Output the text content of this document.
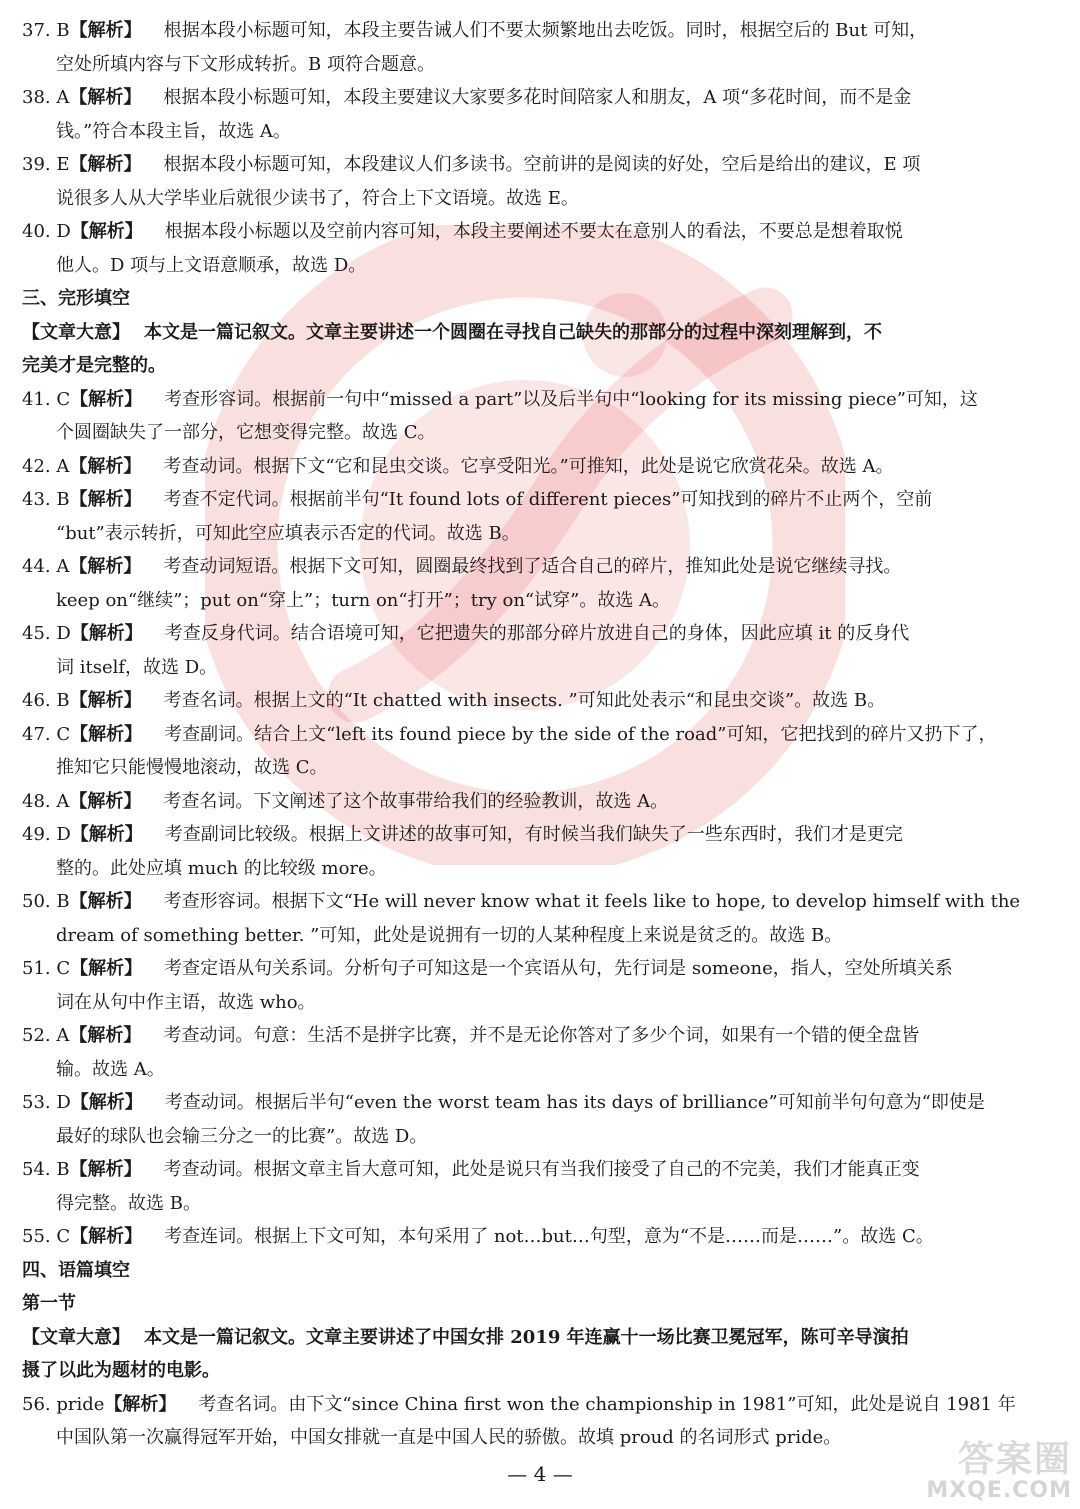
37. B【解析】 根据本段小标题可知，本段主要告诫人们不要太频繁地出去吃饭。同时，根据空后的 But 可知，
空处所填内容与下文形成转折。B 项符合题意。
38. A【解析】 根据本段小标题可知，本段主要建议大家要多花时间陪家人和朋友，A 项“多花时间，而不是金
钱。”符合本段主旨，故选 A。
39. E【解析】 根据本段小标题可知，本段建议人们多读书。空前讲的是阅读的好处，空后是给出的建议，E 项
说很多人从大学毕业后就很少读书了，符合上下文语境。故选 E。
40. D【解析】 根据本段小标题以及空前内容可知，本段主要阐述不要太在意别人的看法，不要总是想着取悦
他人。D 项与上文语意顺承，故选 D。
三、完形填空
【文章大意】 本文是一篇记叙文。文章主要讲述一个圆圈在寻找自己缺失的那部分的过程中深刻理解到，不
完美才是完整的。
41. C【解析】 考查形容词。根据前一句中“missed a part”以及后半句中“looking for its missing piece”可知，这
个圆圈缺失了一部分，它想变得完整。故选 C。
42. A【解析】 考查动词。根据下文“它和昆虫交谈。它享受阳光。”可推知，此处是说它欣赏花朵。故选 A。
43. B【解析】 考查不定代词。根据前半句“It found lots of different pieces”可知找到的碎片不止两个，空前
“but”表示转折，可知此空应填表示否定的代词。故选 B。
44. A【解析】 考查动词短语。根据下文可知，圆圈最终找到了适合自己的碎片，推知此处是说它继续寻找。
keep on“继续”；put on“穿上”；turn on“打开”；try on“试穿”。故选 A。
45. D【解析】 考查反身代词。结合语境可知，它把遗失的那部分碎片放进自己的身体，因此应填 it 的反身代
词 itself，故选 D。
46. B【解析】 考查名词。根据上文的“It chatted with insects. ”可知此处表示“和昆虫交谈”。故选 B。
47. C【解析】 考查副词。结合上文“left its found piece by the side of the road”可知，它把找到的碎片又扔下了，
推知它只能慢慢地滚动，故选 C。
48. A【解析】 考查名词。下文阐述了这个故事带给我们的经验教训，故选 A。
49. D【解析】 考查副词比较级。根据上文讲述的故事可知，有时候当我们缺失了一些东西时，我们才是更完
整的。此处应填 much 的比较级 more。
50. B【解析】 考查形容词。根据下文“He will never know what it feels like to hope, to develop himself with the
dream of something better. ”可知，此处是说拥有一切的人某种程度上来说是贫乏的。故选 B。
51. C【解析】 考查定语从句关系词。分析句子可知这是一个宾语从句，先行词是 someone，指人，空处所填关系
词在从句中作主语，故选 who。
52. A【解析】 考查动词。句意：生活不是拼字比赛，并不是无论你答对了多少个词，如果有一个错的便全盘皆
输。故选 A。
53. D【解析】 考查动词。根据后半句“even the worst team has its days of brilliance”可知前半句句意为“即使是
最好的球队也会输三分之一的比赛”。故选 D。
54. B【解析】 考查动词。根据文章主旨大意可知，此处是说只有当我们接受了自己的不完美，我们才能真正变
得完整。故选 B。
55. C【解析】 考查连词。根据上下文可知，本句采用了 not…but…句型，意为“不是……而是……”。故选 C。
四、语篇填空
第一节
【文章大意】 本文是一篇记叙文。文章主要讲述了中国女排 2019 年连赢十一场比赛卫冕冠军，陈可辛导演拍
摄了以此为题材的电影。
56. pride【解析】 考查名词。由下文“since China first won the championship in 1981”可知，此处是说自 1981 年
中国队第一次赢得冠军开始，中国女排就一直是中国人民的骄傲。故填 proud 的名词形式 pride。
— 4 —	答案圈
MXQE.COM
